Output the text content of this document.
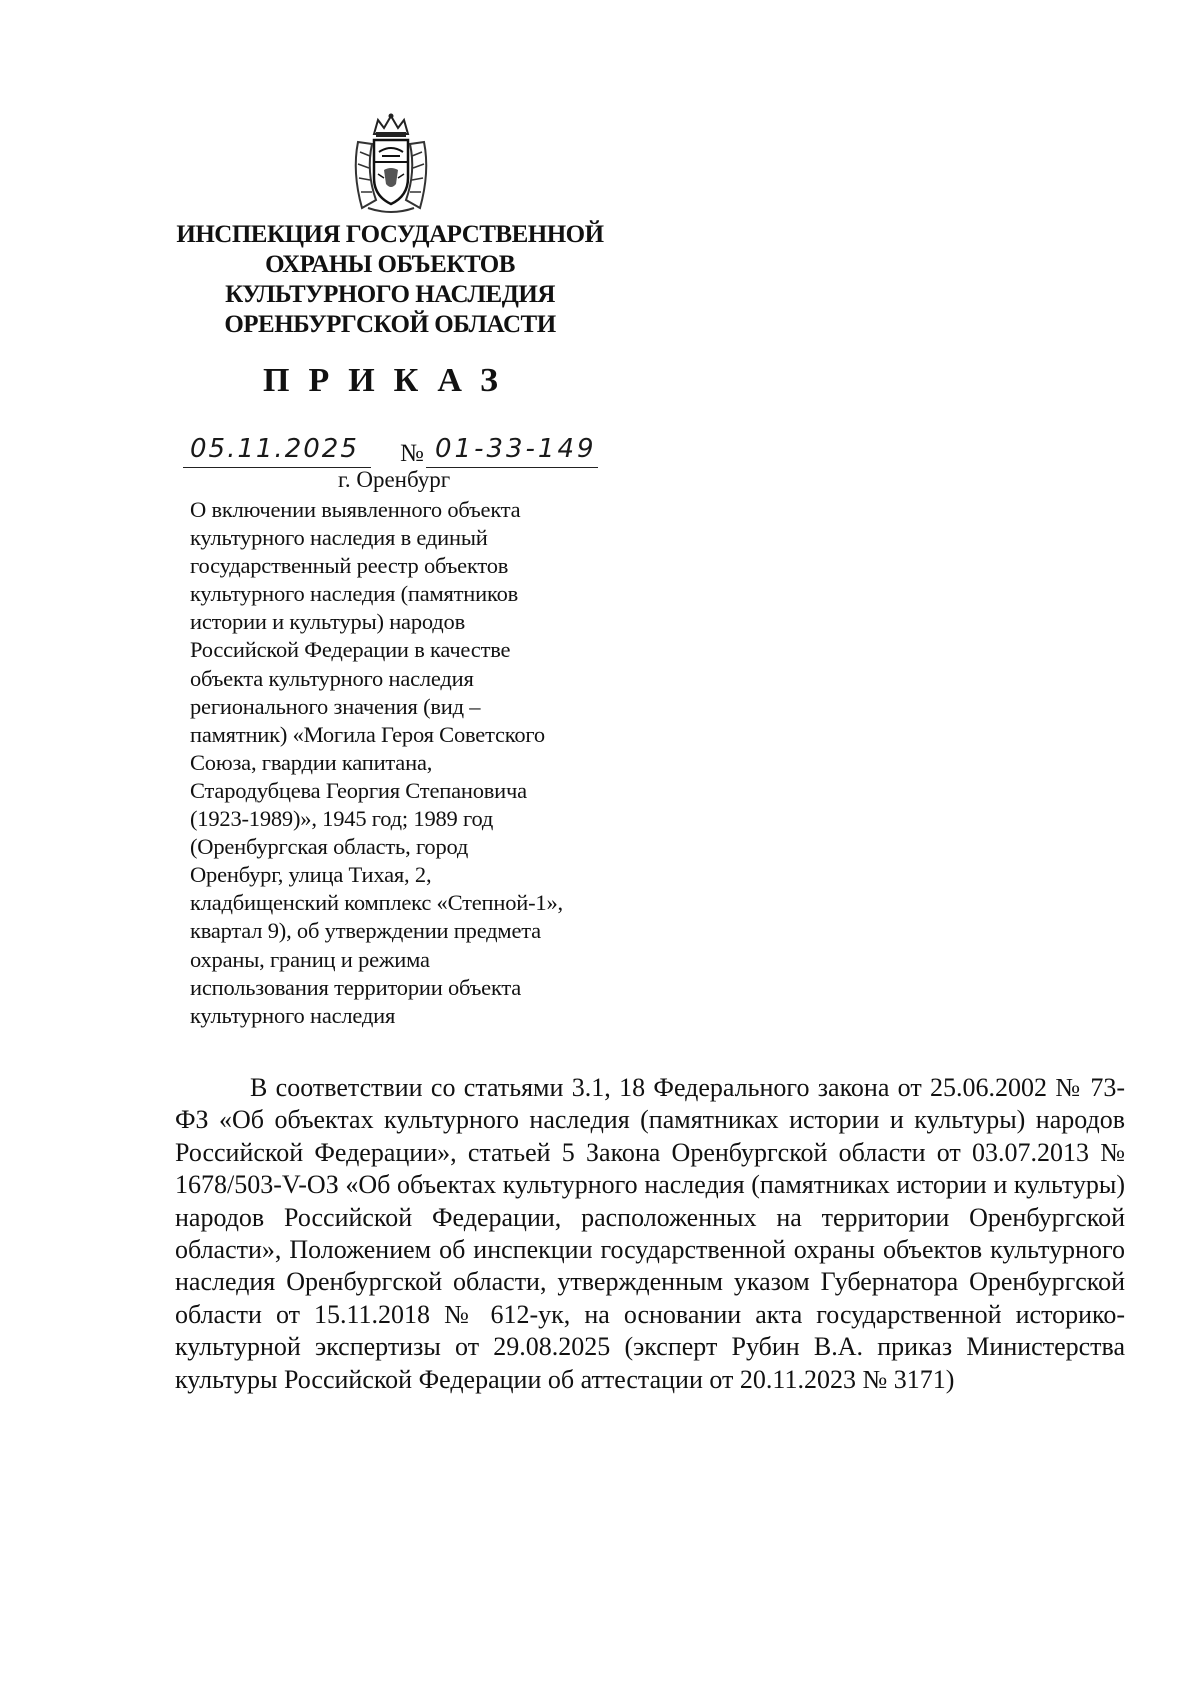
ИНСПЕКЦИЯ ГОСУДАРСТВЕННОЙ
ОХРАНЫ ОБЪЕКТОВ
КУЛЬТУРНОГО НАСЛЕДИЯ
ОРЕНБУРГСКОЙ ОБЛАСТИ
ПРИКАЗ
05.11.2025 № 01-33-149
г. Оренбург
О включении выявленного объекта
культурного наследия в единый
государственный реестр объектов
культурного наследия (памятников
истории и культуры) народов
Российской Федерации в качестве
объекта культурного наследия
регионального значения (вид –
памятник) «Могила Героя Советского
Союза, гвардии капитана,
Стародубцева Георгия Степановича
(1923-1989)», 1945 год; 1989 год
(Оренбургская область, город
Оренбург, улица Тихая, 2,
кладбищенский комплекс «Степной-1»,
квартал 9), об утверждении предмета
охраны, границ и режима
использования территории объекта
культурного наследия
В соответствии со статьями 3.1, 18 Федерального закона от 25.06.2002 № 73-ФЗ «Об объектах культурного наследия (памятниках истории и культуры) народов Российской Федерации», статьей 5 Закона Оренбургской области от 03.07.2013 № 1678/503-V-ОЗ «Об объектах культурного наследия (памятниках истории и культуры) народов Российской Федерации, расположенных на территории Оренбургской области», Положением об инспекции государственной охраны объектов культурного наследия Оренбургской области, утвержденным указом Губернатора Оренбургской области от 15.11.2018 № 612-ук, на основании акта государственной историко-культурной экспертизы от 29.08.2025 (эксперт Рубин В.А. приказ Министерства культуры Российской Федерации об аттестации от 20.11.2023 № 3171)
